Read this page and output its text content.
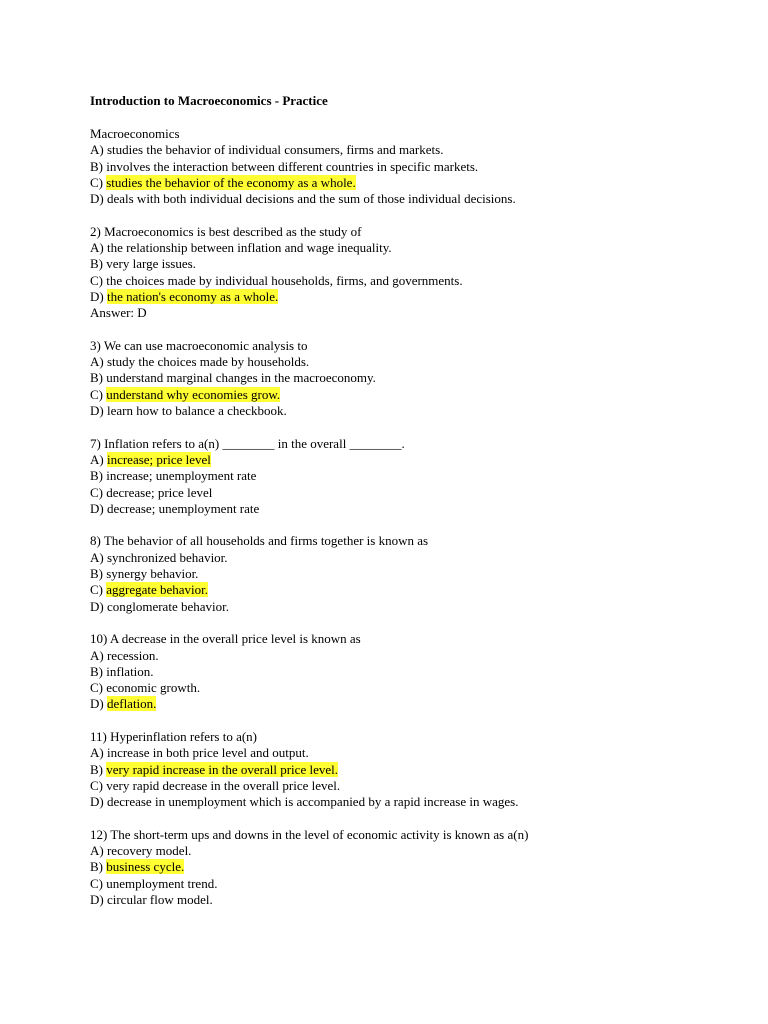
Introduction to Macroeconomics - Practice
Macroeconomics
A) studies the behavior of individual consumers, firms and markets.
B) involves the interaction between different countries in specific markets.
C) studies the behavior of the economy as a whole.
D) deals with both individual decisions and the sum of those individual decisions.
2) Macroeconomics is best described as the study of
A) the relationship between inflation and wage inequality.
B) very large issues.
C) the choices made by individual households, firms, and governments.
D) the nation's economy as a whole.
Answer: D
3) We can use macroeconomic analysis to
A) study the choices made by households.
B) understand marginal changes in the macroeconomy.
C) understand why economies grow.
D) learn how to balance a checkbook.
7) Inflation refers to a(n) ________ in the overall ________.
A) increase; price level
B) increase; unemployment rate
C) decrease; price level
D) decrease; unemployment rate
8) The behavior of all households and firms together is known as
A) synchronized behavior.
B) synergy behavior.
C) aggregate behavior.
D) conglomerate behavior.
10) A decrease in the overall price level is known as
A) recession.
B) inflation.
C) economic growth.
D) deflation.
11) Hyperinflation refers to a(n)
A) increase in both price level and output.
B) very rapid increase in the overall price level.
C) very rapid decrease in the overall price level.
D) decrease in unemployment which is accompanied by a rapid increase in wages.
12) The short-term ups and downs in the level of economic activity is known as a(n)
A) recovery model.
B) business cycle.
C) unemployment trend.
D) circular flow model.
